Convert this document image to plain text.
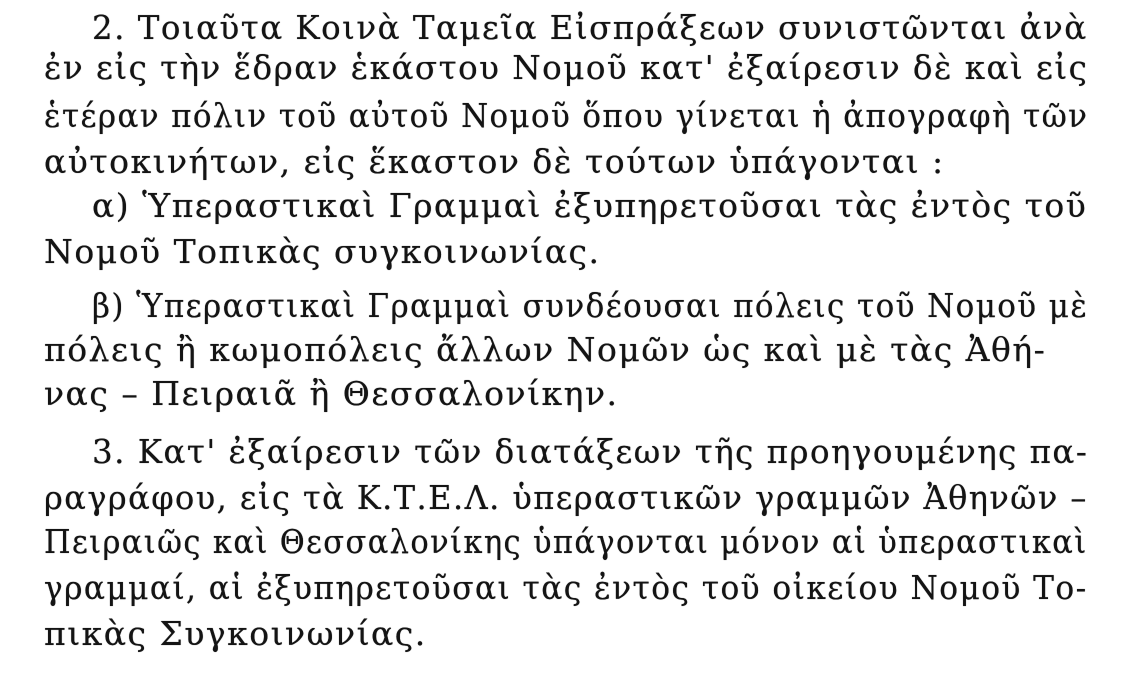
2. Τοιαῦτα Κοινὰ Ταμεῖα Εἰσπράξεων συνιστῶνται ἀνὰ
ἐν εἰς τὴν ἕδραν ἑκάστου Νομοῦ κατ' ἐξαίρεσιν δὲ καὶ εἰς
ἑτέραν πόλιν τοῦ αὐτοῦ Νομοῦ ὅπου γίνεται ἡ ἀπογραφὴ τῶν
αὐτοκινήτων, εἰς ἕκαστον δὲ τούτων ὑπάγονται :
α) Ὑπεραστικαὶ Γραμμαὶ ἐξυπηρετοῦσαι τὰς ἐντὸς τοῦ
Νομοῦ Τοπικὰς συγκοινωνίας.
β) Ὑπεραστικαὶ Γραμμαὶ συνδέουσαι πόλεις τοῦ Νομοῦ μὲ
πόλεις ἢ κωμοπόλεις ἄλλων Νομῶν ὡς καὶ μὲ τὰς Ἀθή-
νας – Πειραιᾶ ἢ Θεσσαλονίκην.
3. Κατ' ἐξαίρεσιν τῶν διατάξεων τῆς προηγουμένης πα-
ραγράφου, εἰς τὰ Κ.Τ.Ε.Λ. ὑπεραστικῶν γραμμῶν Ἀθηνῶν –
Πειραιῶς καὶ Θεσσαλονίκης ὑπάγονται μόνον αἱ ὑπεραστικαὶ
γραμμαί, αἱ ἐξυπηρετοῦσαι τὰς ἐντὸς τοῦ οἰκείου Νομοῦ Το-
πικὰς Συγκοινωνίας.
